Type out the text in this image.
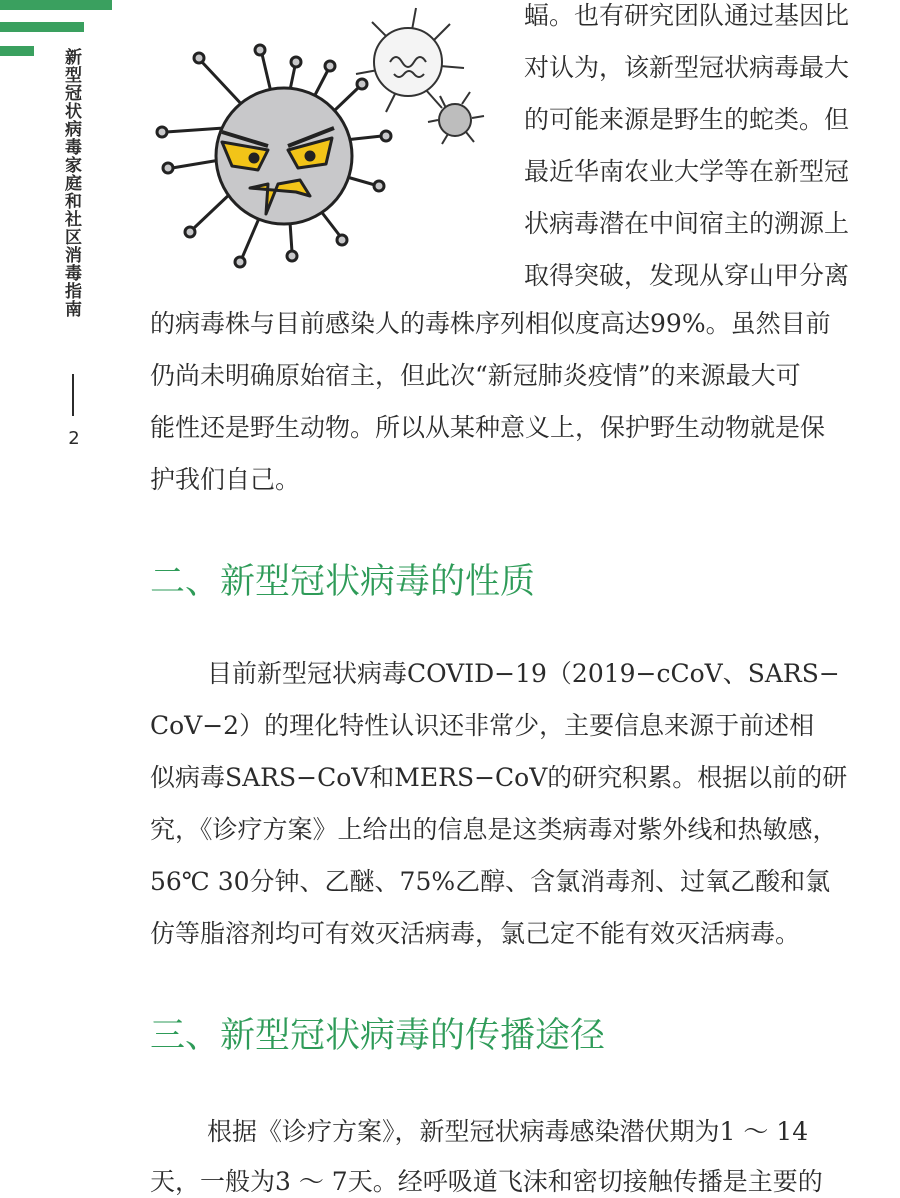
新型冠状病毒家庭和社区消毒指南
2
蝠。也有研究团队通过基因比
对认为，该新型冠状病毒最大
的可能来源是野生的蛇类。但
最近华南农业大学等在新型冠
状病毒潜在中间宿主的溯源上
取得突破，发现从穿山甲分离
的病毒株与目前感染人的毒株序列相似度高达99%。虽然目前
仍尚未明确原始宿主，但此次“新冠肺炎疫情”的来源最大可
能性还是野生动物。所以从某种意义上，保护野生动物就是保
护我们自己。
二、新型冠状病毒的性质
目前新型冠状病毒COVID−19（2019−cCoV、SARS−
CoV−2）的理化特性认识还非常少，主要信息来源于前述相
似病毒SARS−CoV和MERS−CoV的研究积累。根据以前的研
究，《诊疗方案》上给出的信息是这类病毒对紫外线和热敏感，
56℃ 30分钟、乙醚、75%乙醇、含氯消毒剂、过氧乙酸和氯
仿等脂溶剂均可有效灭活病毒，氯己定不能有效灭活病毒。
三、新型冠状病毒的传播途径
根据《诊疗方案》，新型冠状病毒感染潜伏期为1 ～ 14
天，一般为3 ～ 7天。经呼吸道飞沫和密切接触传播是主要的
